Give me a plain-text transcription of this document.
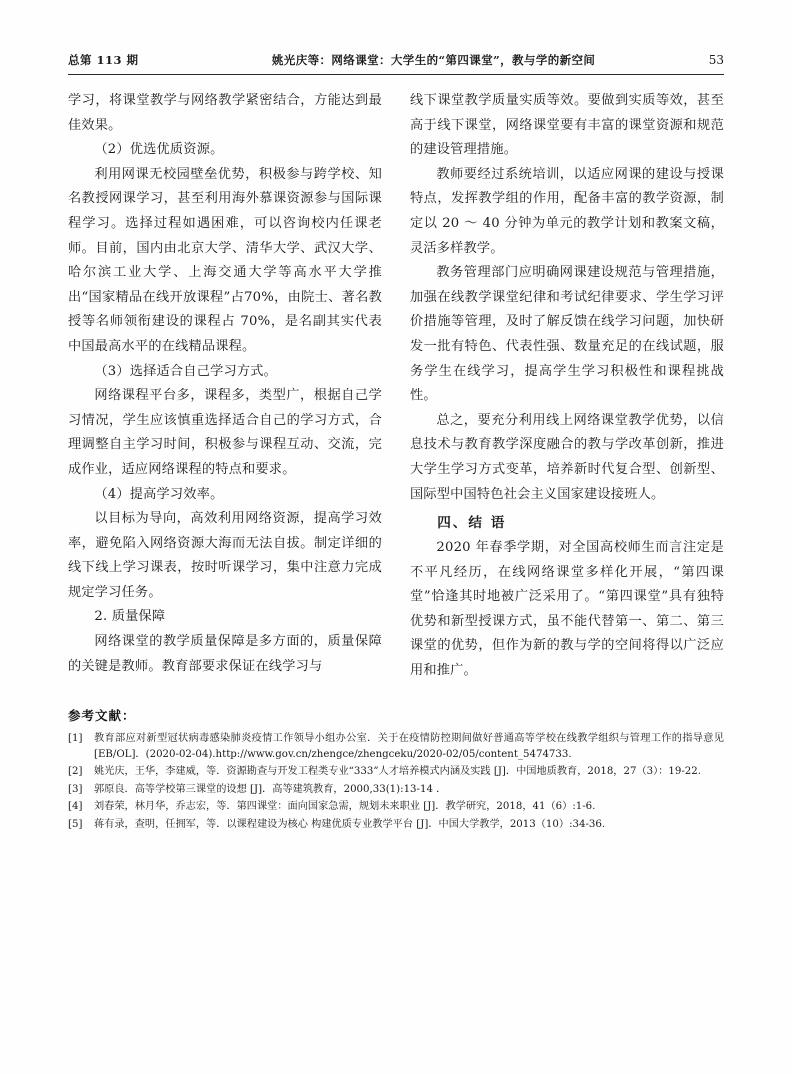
总第 113 期	姚光庆等：网络课堂：大学生的“第四课堂”，教与学的新空间	53

学习，将课堂教学与网络教学紧密结合，方能达到最佳效果。

（2）优选优质资源。

利用网课无校园壁垒优势，积极参与跨学校、知名教授网课学习，甚至利用海外慕课资源参与国际课程学习。选择过程如遇困难，可以咨询校内任课老师。目前，国内由北京大学、清华大学、武汉大学、哈尔滨工业大学、上海交通大学等高水平大学推出“国家精品在线开放课程”占70%，由院士、著名教授等名师领衔建设的课程占 70%，是名副其实代表中国最高水平的在线精品课程。

（3）选择适合自己学习方式。

网络课程平台多，课程多，类型广，根据自己学习情况，学生应该慎重选择适合自己的学习方式，合理调整自主学习时间，积极参与课程互动、交流，完成作业，适应网络课程的特点和要求。

（4）提高学习效率。

以目标为导向，高效利用网络资源，提高学习效率，避免陷入网络资源大海而无法自拔。制定详细的线下线上学习课表，按时听课学习，集中注意力完成规定学习任务。

2. 质量保障

网络课堂的教学质量保障是多方面的，质量保障的关键是教师。教育部要求保证在线学习与

线下课堂教学质量实质等效。要做到实质等效，甚至高于线下课堂，网络课堂要有丰富的课堂资源和规范的建设管理措施。

教师要经过系统培训，以适应网课的建设与授课特点，发挥教学组的作用，配备丰富的教学资源，制定以 20 ～ 40 分钟为单元的教学计划和教案文稿，灵活多样教学。

教务管理部门应明确网课建设规范与管理措施，加强在线教学课堂纪律和考试纪律要求、学生学习评价措施等管理，及时了解反馈在线学习问题，加快研发一批有特色、代表性强、数量充足的在线试题，服务学生在线学习，提高学生学习积极性和课程挑战性。

总之，要充分利用线上网络课堂教学优势，以信息技术与教育教学深度融合的教与学改革创新，推进大学生学习方式变革，培养新时代复合型、创新型、国际型中国特色社会主义国家建设接班人。

四、结 语

2020 年春季学期，对全国高校师生而言注定是不平凡经历，在线网络课堂多样化开展，“第四课堂”恰逢其时地被广泛采用了。“第四课堂”具有独特优势和新型授课方式，虽不能代替第一、第二、第三课堂的优势，但作为新的教与学的空间将得以广泛应用和推广。

参考文献：
[1]	教育部应对新型冠状病毒感染肺炎疫情工作领导小组办公室．关于在疫情防控期间做好普通高等学校在线教学组织与管理工作的指导意见 [EB/OL]．(2020-02-04).http://www.gov.cn/zhengce/zhengceku/2020-02/05/content_5474733.
[2]	姚光庆，王华，李建威，等．资源勘查与开发工程类专业“333”人才培养模式内涵及实践 [J]．中国地质教育，2018，27（3）：19-22.
[3]	郭原良．高等学校第三课堂的设想 [J]．高等建筑教育，2000,33(1):13-14 ．
[4]	刘春荣，林月华，乔志宏，等．第四课堂：面向国家急需，规划未来职业 [J]．教学研究，2018，41（6）:1-6.
[5]	蒋有录，查明，任拥军，等．以课程建设为核心 构建优质专业教学平台 [J]．中国大学教学，2013（10）:34-36.
